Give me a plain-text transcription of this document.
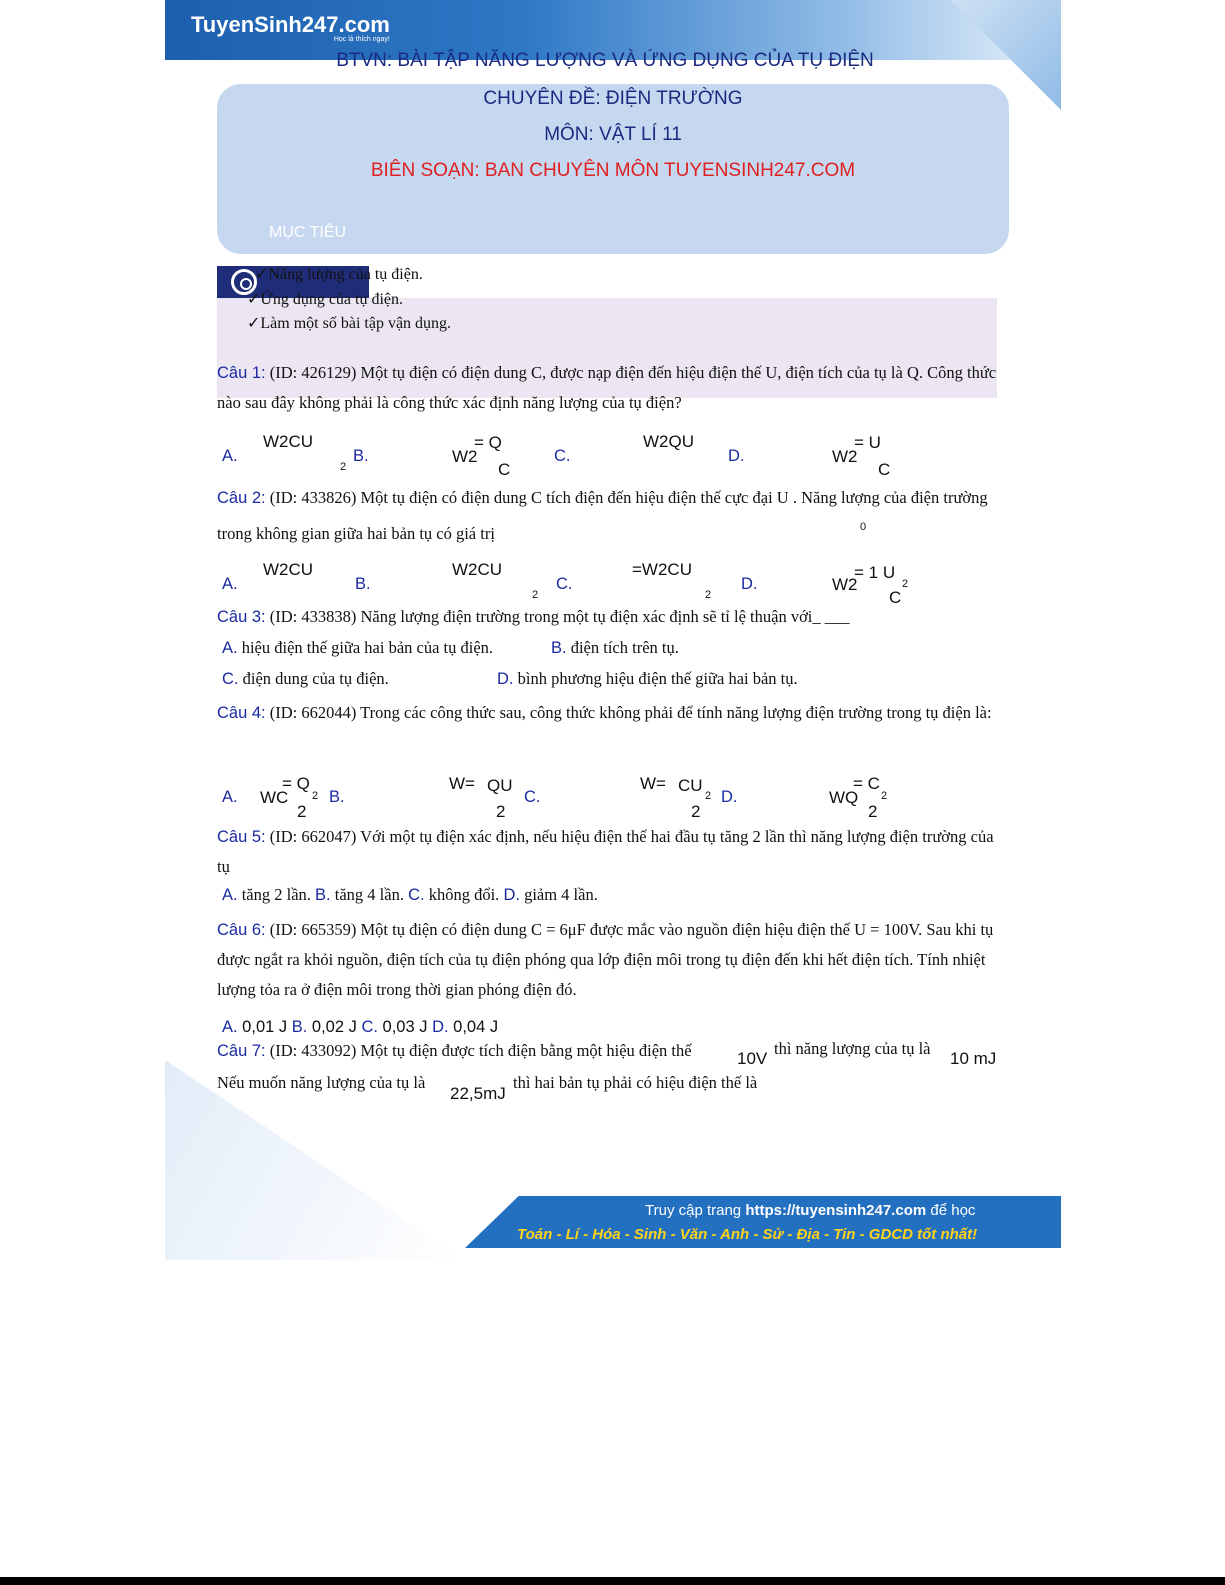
TuyenSinh247.com
Học là thích ngay!
BTVN: BÀI TẬP NĂNG LƯỢNG VÀ ỨNG DỤNG CỦA TỤ ĐIỆN
CHUYÊN ĐỀ: ĐIỆN TRƯỜNG
MÔN: VẬT LÍ 11
BIÊN SOẠN: BAN CHUYÊN MÔN TUYENSINH247.COM
MỤC TIÊU
✓Năng lượng của tụ điện.
✓Ứng dụng của tụ điện.
✓Làm một số bài tập vận dụng.
Câu 1: (ID: 426129) Một tụ điện có điện dung C, được nạp điện đến hiệu điện thế U, điện tích của tụ là Q. Công thức nào sau đây không phải là công thức xác định năng lượng của tụ điện?
A.
W2CU
2
B.	W2
= Q
C
C.
W2QU
D.	W2
= U
C
Câu 2: (ID: 433826) Một tụ điện có điện dung C tích điện đến hiệu điện thế cực đại U . Năng lượng của điện trường trong không gian giữa hai bản tụ có giá trị	0
A.
W2CU
B.
W2CU
2
C.
=W2CU
2
D.	W2
= 1 U
2
C
Câu 3: (ID: 433838) Năng lượng điện trường trong một tụ điện xác định sẽ tỉ lệ thuận với_ ___
A. hiệu điện thế giữa hai bản của tụ điện.	B. điện tích trên tụ.
C. điện dung của tụ điện.	D. bình phương hiệu điện thế giữa hai bản tụ.
Câu 4: (ID: 662044) Trong các công thức sau, công thức không phải để tính năng lượng điện trường trong tụ điện là:
A. WC
= Q
2
2
B.
W= QU
2
C.
W= CU
2
2
D.	WQ
= C
2
2
Câu 5: (ID: 662047) Với một tụ điện xác định, nếu hiệu điện thế hai đầu tụ tăng 2 lần thì năng lượng điện trường của tụ
A. tăng 2 lần. B. tăng 4 lần. C. không đổi. D. giảm 4 lần.
Câu 6: (ID: 665359) Một tụ điện có điện dung C = 6μF được mắc vào nguồn điện hiệu điện thế U = 100V. Sau khi tụ được ngắt ra khỏi nguồn, điện tích của tụ điện phóng qua lớp điện môi trong tụ điện đến khi hết điện tích. Tính nhiệt lượng tỏa ra ở điện môi trong thời gian phóng điện đó.
A. 0,01 J B. 0,02 J C. 0,03 J D. 0,04 J
Câu 7: (ID: 433092) Một tụ điện được tích điện bằng một hiệu điện thế	10V
thì năng lượng của tụ là
10 mJ
Nếu muốn năng lượng của tụ là
22,5mJ
thì hai bản tụ phải có hiệu điện thế là
Truy cập trang https://tuyensinh247.com để học
Toán - Lí - Hóa - Sinh - Văn - Anh - Sử - Địa - Tin - GDCD tốt nhất!
